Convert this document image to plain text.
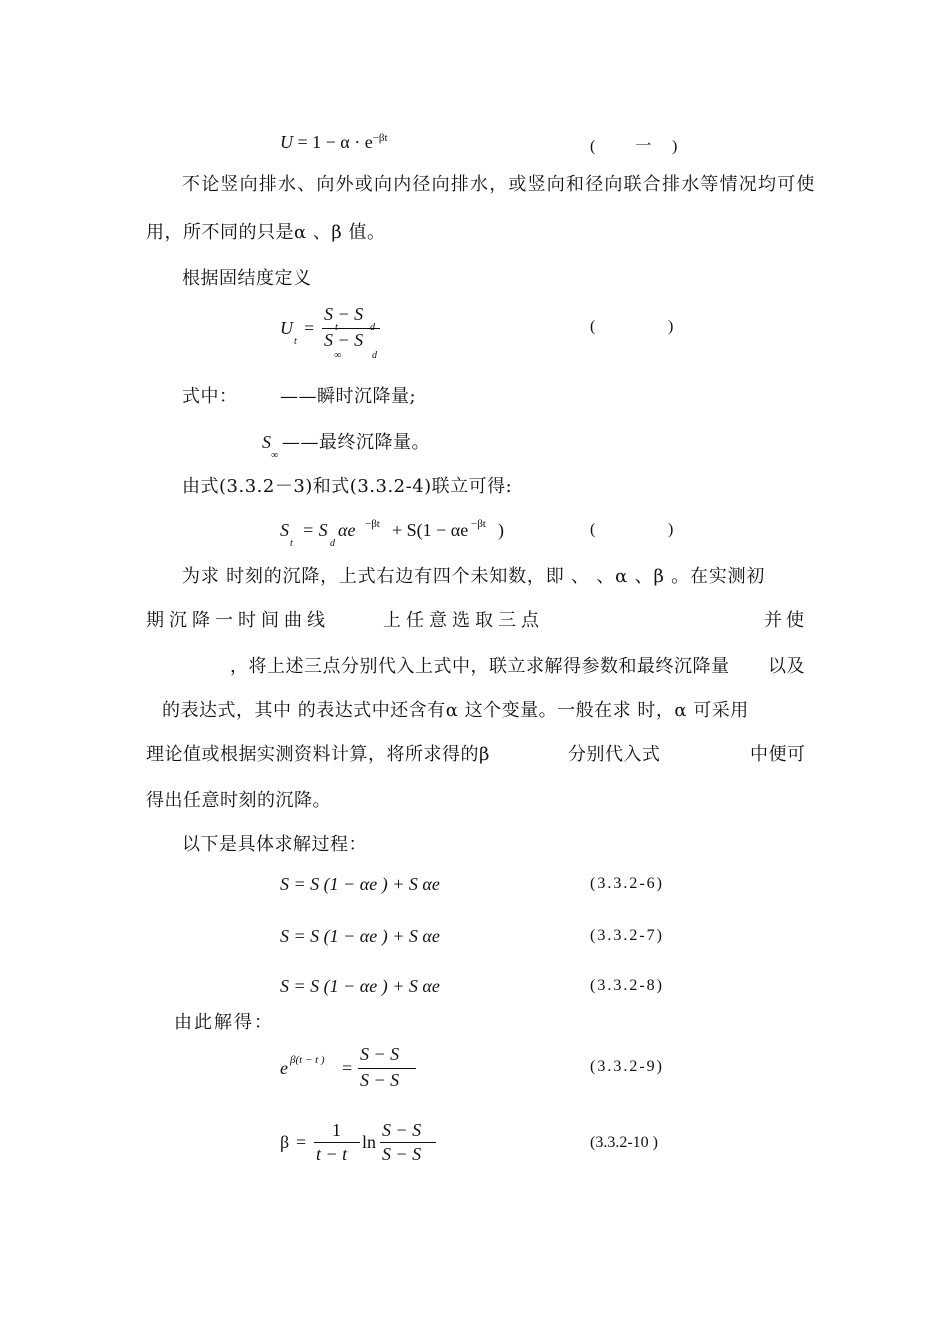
$U = 1 - \alpha \cdot e^{-\beta t}$	( 一 )
不论竖向排水、向外或向内径向排水，或竖向和径向联合排水等情况均可使
用，所不同的只是α 、β 值。
根据固结度定义
U
t
=
S − S
S − S
∞	d
(	)
式中： ——瞬时沉降量;
S
∞
——最终沉降量。
由式(3.3.2－3)和式(3.3.2-4)联立可得:
S
t
= S
d
αe −βt + S(1 − αe −βt )	(	)
为求 时刻的沉降，上式右边有四个未知数，即 、 、α 、β 。在实测初
期沉降一时间曲线	上任意选取三点	并使
，将上述三点分别代入上式中，联立求解得参数和最终沉降量 以及
的表达式，其中 的表达式中还含有α 这个变量。一般在求 时，α 可采用
理论值或根据实测资料计算，将所求得的β	分别代入式	中便可
得出任意时刻的沉降。
以下是具体求解过程：
S = S (1 − αe ) + S αe	(3.3.2-6)
S = S (1 − αe ) + S αe	(3.3.2-7)
S = S (1 − αe ) + S αe	(3.3.2-8)
由此解得：
e β(t − t ) =
S − S
S − S
(3.3.2-9)
β =
1
t − t
ln
S − S
S − S
(3.3.2-10 )
